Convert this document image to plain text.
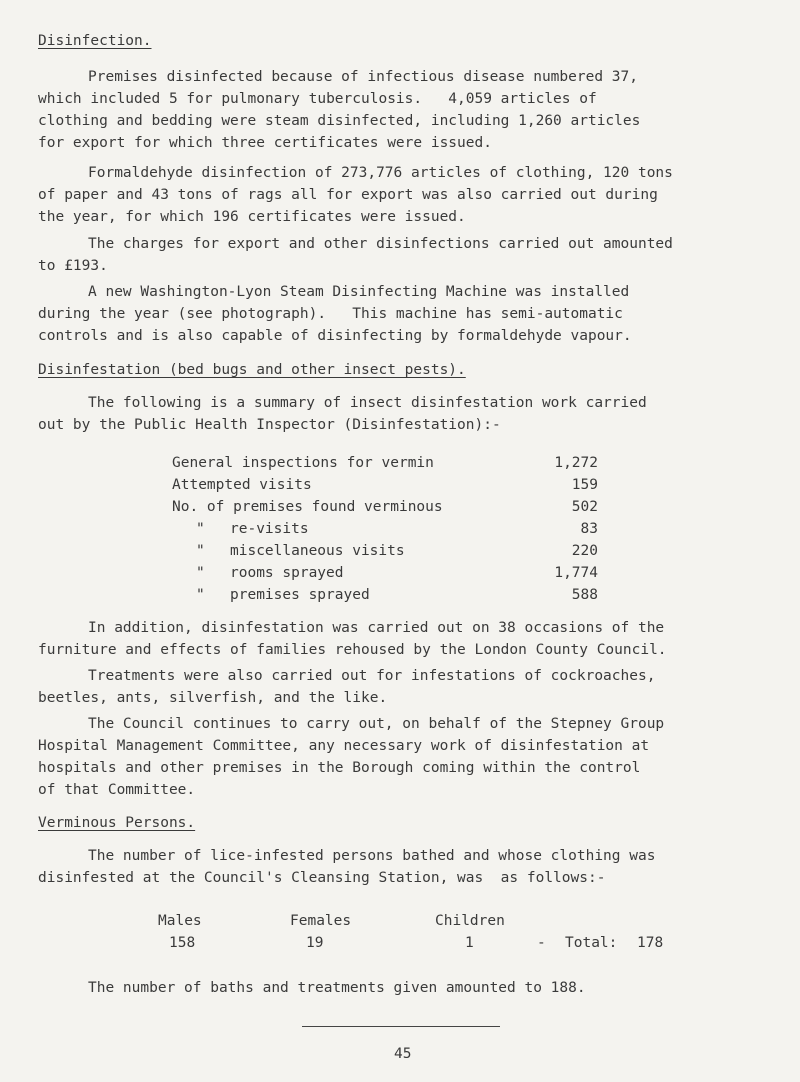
Disinfection.

Premises disinfected because of infectious disease numbered 37,
which included 5 for pulmonary tuberculosis.   4,059 articles of
clothing and bedding were steam disinfected, including 1,260 articles
for export for which three certificates were issued.

Formaldehyde disinfection of 273,776 articles of clothing, 120 tons
of paper and 43 tons of rags all for export was also carried out during
the year, for which 196 certificates were issued.

The charges for export and other disinfections carried out amounted
to £193.

A new Washington-Lyon Steam Disinfecting Machine was installed
during the year (see photograph).   This machine has semi-automatic
controls and is also capable of disinfecting by formaldehyde vapour.

Disinfestation (bed bugs and other insect pests).

The following is a summary of insect disinfestation work carried
out by the Public Health Inspector (Disinfestation):-

General inspections for vermin	1,272
Attempted visits	159
No. of premises found verminous	502
" re-visits	83
" miscellaneous visits	220
" rooms sprayed	1,774
" premises sprayed	588

In addition, disinfestation was carried out on 38 occasions of the
furniture and effects of families rehoused by the London County Council.

Treatments were also carried out for infestations of cockroaches,
beetles, ants, silverfish, and the like.

The Council continues to carry out, on behalf of the Stepney Group
Hospital Management Committee, any necessary work of disinfestation at
hospitals and other premises in the Borough coming within the control
of that Committee.

Verminous Persons.

The number of lice-infested persons bathed and whose clothing was
disinfested at the Council's Cleansing Station, was  as follows:-

Males	Females	Children
158	19	1	- Total: 178

The number of baths and treatments given amounted to 188.

45
